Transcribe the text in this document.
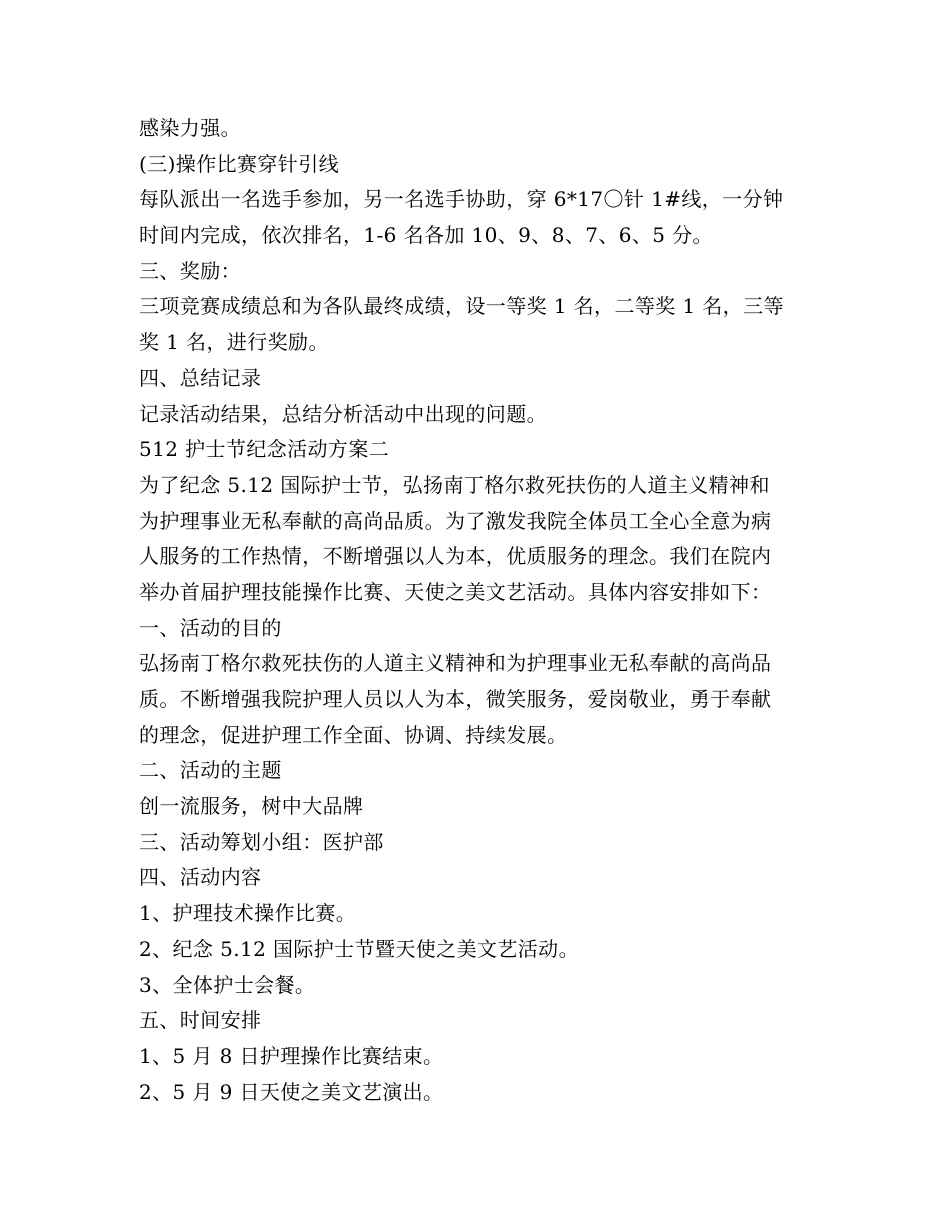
感染力强。
(三)操作比赛穿针引线
每队派出一名选手参加，另一名选手协助，穿 6*17〇针 1#线，一分钟
时间内完成，依次排名，1-6 名各加 10、9、8、7、6、5 分。
三、奖励：
三项竞赛成绩总和为各队最终成绩，设一等奖 1 名，二等奖 1 名，三等
奖 1 名，进行奖励。
四、总结记录
记录活动结果，总结分析活动中出现的问题。
512 护士节纪念活动方案二
为了纪念 5.12 国际护士节，弘扬南丁格尔救死扶伤的人道主义精神和
为护理事业无私奉献的高尚品质。为了激发我院全体员工全心全意为病
人服务的工作热情，不断增强以人为本，优质服务的理念。我们在院内
举办首届护理技能操作比赛、天使之美文艺活动。具体内容安排如下：
一、活动的目的
弘扬南丁格尔救死扶伤的人道主义精神和为护理事业无私奉献的高尚品
质。不断增强我院护理人员以人为本，微笑服务，爱岗敬业，勇于奉献
的理念，促进护理工作全面、协调、持续发展。
二、活动的主题
创一流服务，树中大品牌
三、活动筹划小组：医护部
四、活动内容
1、护理技术操作比赛。
2、纪念 5.12 国际护士节暨天使之美文艺活动。
3、全体护士会餐。
五、时间安排
1、5 月 8 日护理操作比赛结束。
2、5 月 9 日天使之美文艺演出。
